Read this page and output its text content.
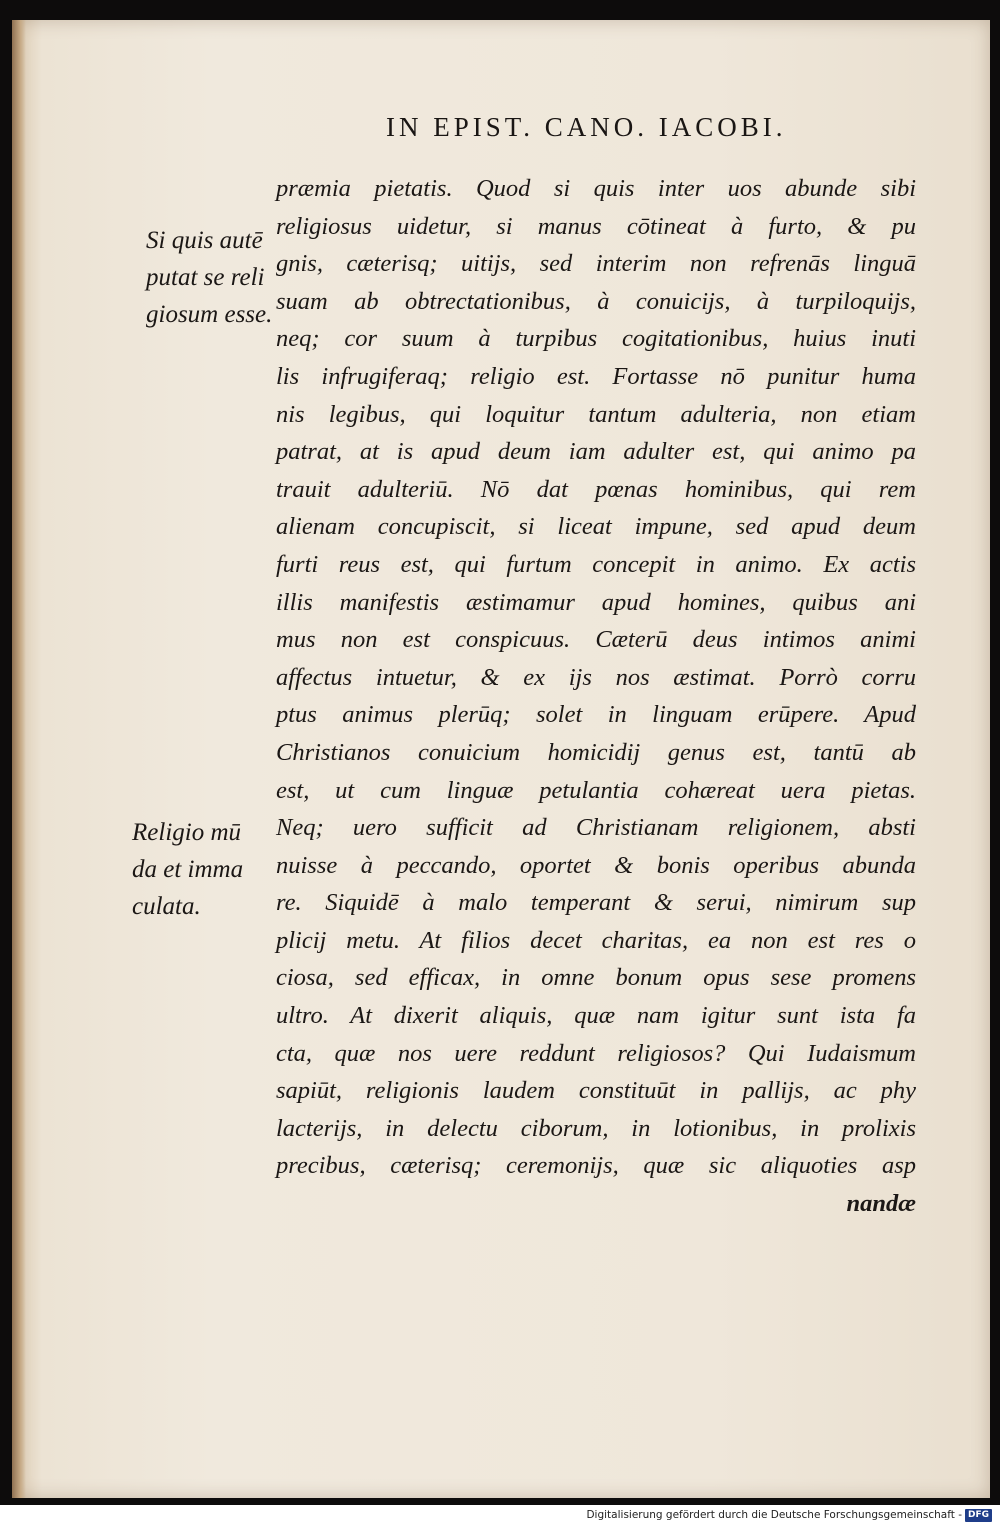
IN EPIST. CANO. IACOBI.
Si quis autē
putat se reli
giosum esse.
Religio mū
da et imma
culata.
præmia pietatis. Quod si quis inter uos abunde sibi
religiosus uidetur, si manus cōtineat à furto, & pu
gnis, cæterisq; uitijs, sed interim non refrenās linguā
suam ab obtrectationibus, à conuicijs, à turpiloquijs,
neq; cor suum à turpibus cogitationibus, huius inuti
lis infrugiferaq; religio est. Fortasse nō punitur huma
nis legibus, qui loquitur tantum adulteria, non etiam
patrat, at is apud deum iam adulter est, qui animo pa
trauit adulteriū. Nō dat pœnas hominibus, qui rem
alienam concupiscit, si liceat impune, sed apud deum
furti reus est, qui furtum concepit in animo. Ex actis
illis manifestis æstimamur apud homines, quibus ani
mus non est conspicuus. Cæterū deus intimos animi
affectus intuetur, & ex ijs nos æstimat. Porrò corru
ptus animus plerūq; solet in linguam erūpere. Apud
Christianos conuicium homicidij genus est, tantū ab
est, ut cum linguæ petulantia cohæreat uera pietas.
Neq; uero sufficit ad Christianam religionem, absti
nuisse à peccando, oportet & bonis operibus abunda
re. Siquidē à malo temperant & serui, nimirum sup
plicij metu. At filios decet charitas, ea non est res o
ciosa, sed efficax, in omne bonum opus sese promens
ultro. At dixerit aliquis, quæ nam igitur sunt ista fa
cta, quæ nos uere reddunt religiosos? Qui Iudaismum
sapiūt, religionis laudem constituūt in pallijs, ac phy
lacterijs, in delectu ciborum, in lotionibus, in prolixis
precibus, cæterisq; ceremonijs, quæ sic aliquoties asp
nandæ
Digitalisierung gefördert durch die Deutsche Forschungsgemeinschaft - DFG
